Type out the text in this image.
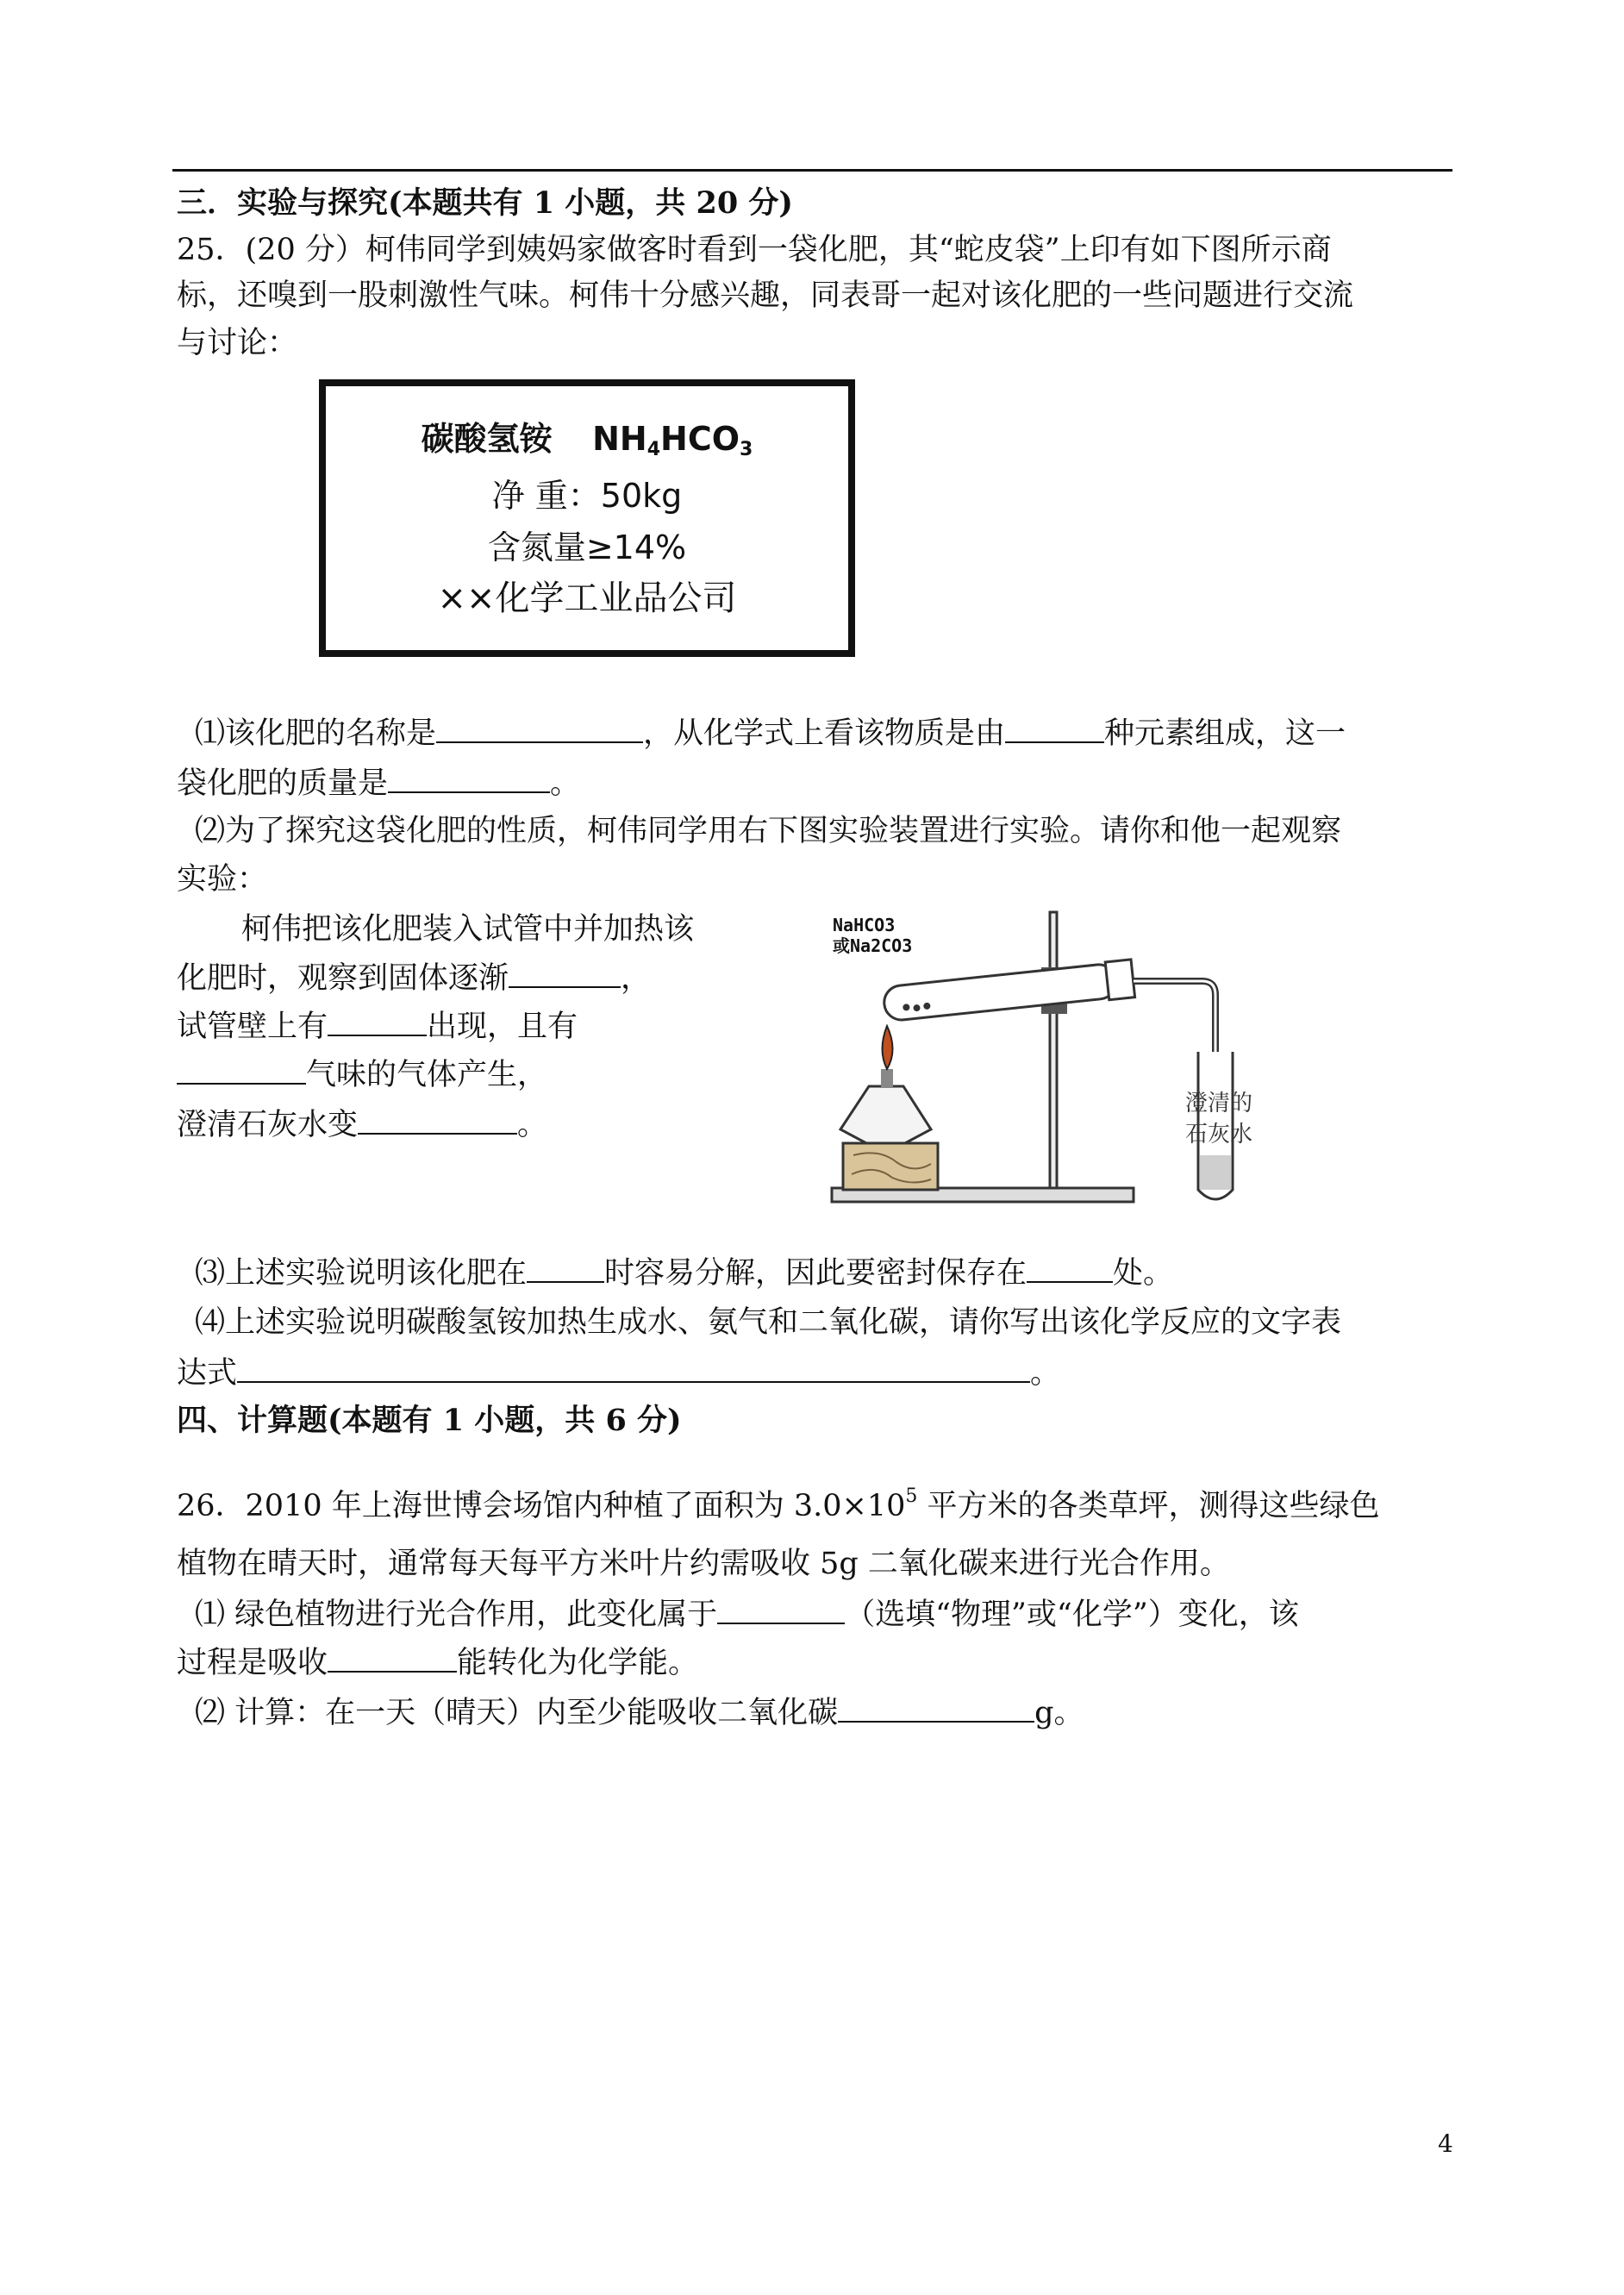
三．实验与探究(本题共有 1 小题，共 20 分)
25．(20 分）柯伟同学到姨妈家做客时看到一袋化肥，其“蛇皮袋”上印有如下图所示商
标，还嗅到一股刺激性气味。柯伟十分感兴趣，同表哥一起对该化肥的一些问题进行交流
与讨论：
碳酸氢铵 $NH_4HCO_3$
净 重：50kg
含氮量≥14%
××化学工业品公司
⑴该化肥的名称是	，从化学式上看该物质是由	种元素组成，这一
袋化肥的质量是	。
⑵为了探究这袋化肥的性质，柯伟同学用右下图实验装置进行实验。请你和他一起观察
实验：
柯伟把该化肥装入试管中并加热该
化肥时，观察到固体逐渐	，
试管壁上有	出现，且有
气味的气体产生，
澄清石灰水变	。
NaHCO3
或Na2CO3
澄清的
石灰水
⑶上述实验说明该化肥在	时容易分解，因此要密封保存在	处。
⑷上述实验说明碳酸氢铵加热生成水、氨气和二氧化碳，请你写出该化学反应的文字表
达式	。
四、计算题(本题有 1 小题，共 6 分)
26．2010 年上海世博会场馆内种植了面积为 $3.0\times 10^5$ 平方米的各类草坪，测得这些绿色
植物在晴天时，通常每天每平方米叶片约需吸收 5g 二氧化碳来进行光合作用。
⑴ 绿色植物进行光合作用，此变化属于	（选填“物理”或“化学”）变化，该
过程是吸收	能转化为化学能。
⑵ 计算：在一天（晴天）内至少能吸收二氧化碳	g。
4
